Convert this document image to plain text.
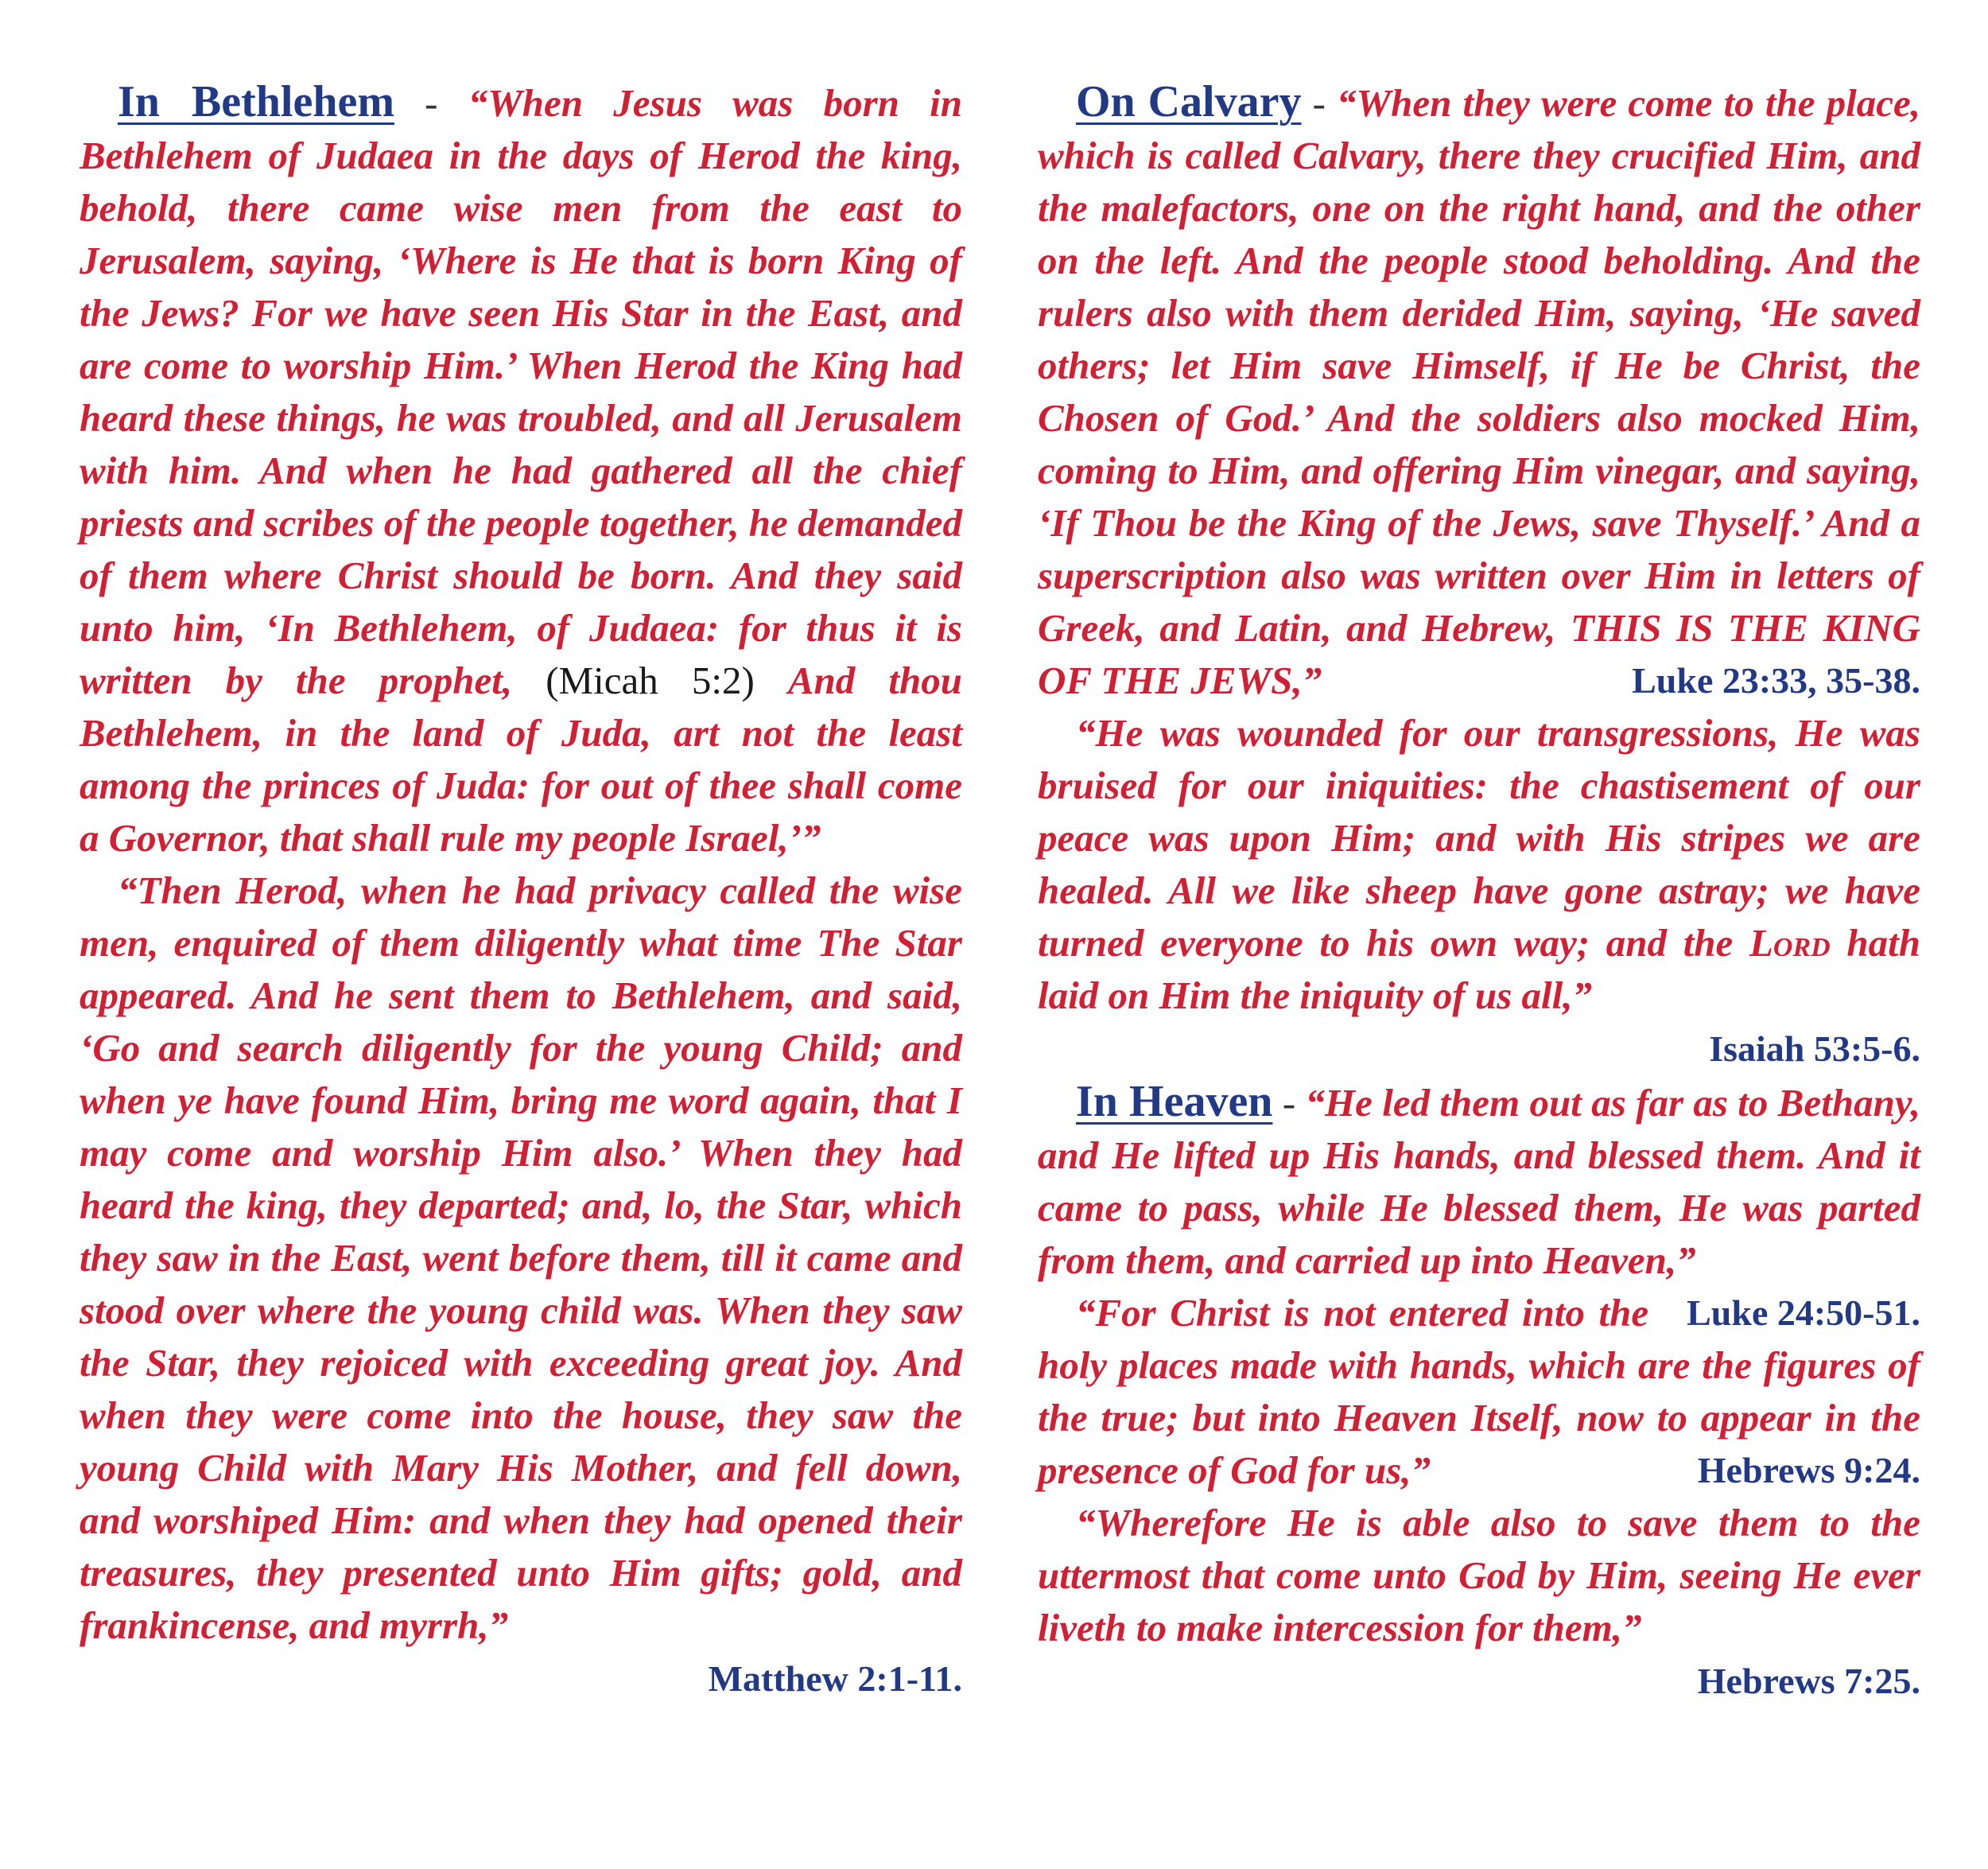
In Bethlehem - “When Jesus was born in Bethlehem of Judaea in the days of Herod the king, behold, there came wise men from the east to Jerusalem, saying, ‘Where is He that is born King of the Jews? For we have seen His Star in the East, and are come to worship Him.’ When Herod the King had heard these things, he was troubled, and all Jerusalem with him. And when he had gathered all the chief priests and scribes of the people together, he demanded of them where Christ should be born. And they said unto him, ‘In Bethlehem, of Judaea: for thus it is written by the prophet, (Micah 5:2) And thou Bethlehem, in the land of Juda, art not the least among the princes of Juda: for out of thee shall come a Governor, that shall rule my people Israel,’”

“Then Herod, when he had privacy called the wise men, enquired of them diligently what time The Star appeared. And he sent them to Bethlehem, and said, ‘Go and search diligently for the young Child; and when ye have found Him, bring me word again, that I may come and worship Him also.’ When they had heard the king, they departed; and, lo, the Star, which they saw in the East, went before them, till it came and stood over where the young child was. When they saw the Star, they rejoiced with exceeding great joy. And when they were come into the house, they saw the young Child with Mary His Mother, and fell down, and worshiped Him: and when they had opened their treasures, they presented unto Him gifts; gold, and frankincense, and myrrh,”

Matthew 2:1-11.

On Calvary - “When they were come to the place, which is called Calvary, there they crucified Him, and the malefactors, one on the right hand, and the other on the left. And the people stood beholding. And the rulers also with them derided Him, saying, ‘He saved others; let Him save Himself, if He be Christ, the Chosen of God.’ And the soldiers also mocked Him, coming to Him, and offering Him vinegar, and saying, ‘If Thou be the King of the Jews, save Thyself.’ And a superscription also was written over Him in letters of Greek, and Latin, and Hebrew, THIS IS THE KING OF THE JEWS,”	Luke 23:33, 35-38.

“He was wounded for our transgressions, He was bruised for our iniquities: the chastisement of our peace was upon Him; and with His stripes we are healed. All we like sheep have gone astray; we have turned everyone to his own way; and the Lord hath laid on Him the iniquity of us all,”

Isaiah 53:5-6.

In Heaven - “He led them out as far as to Bethany, and He lifted up His hands, and blessed them. And it came to pass, while He blessed them, He was parted from them, and carried up into Heaven,”
Luke 24:50-51.

“For Christ is not entered into the holy places made with hands, which are the figures of the true; but into Heaven Itself, now to appear in the presence of God for us,”	Hebrews 9:24.

“Wherefore He is able also to save them to the uttermost that come unto God by Him, seeing He ever liveth to make intercession for them,”

Hebrews 7:25.
